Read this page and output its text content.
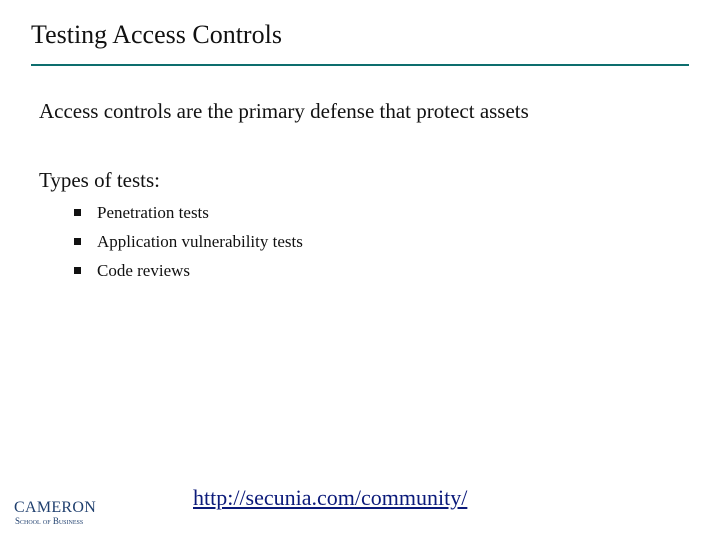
Testing Access Controls
Access controls are the primary defense that protect assets
Types of tests:
Penetration tests
Application vulnerability tests
Code reviews
CAMERON
School of Business
http://secunia.com/community/
